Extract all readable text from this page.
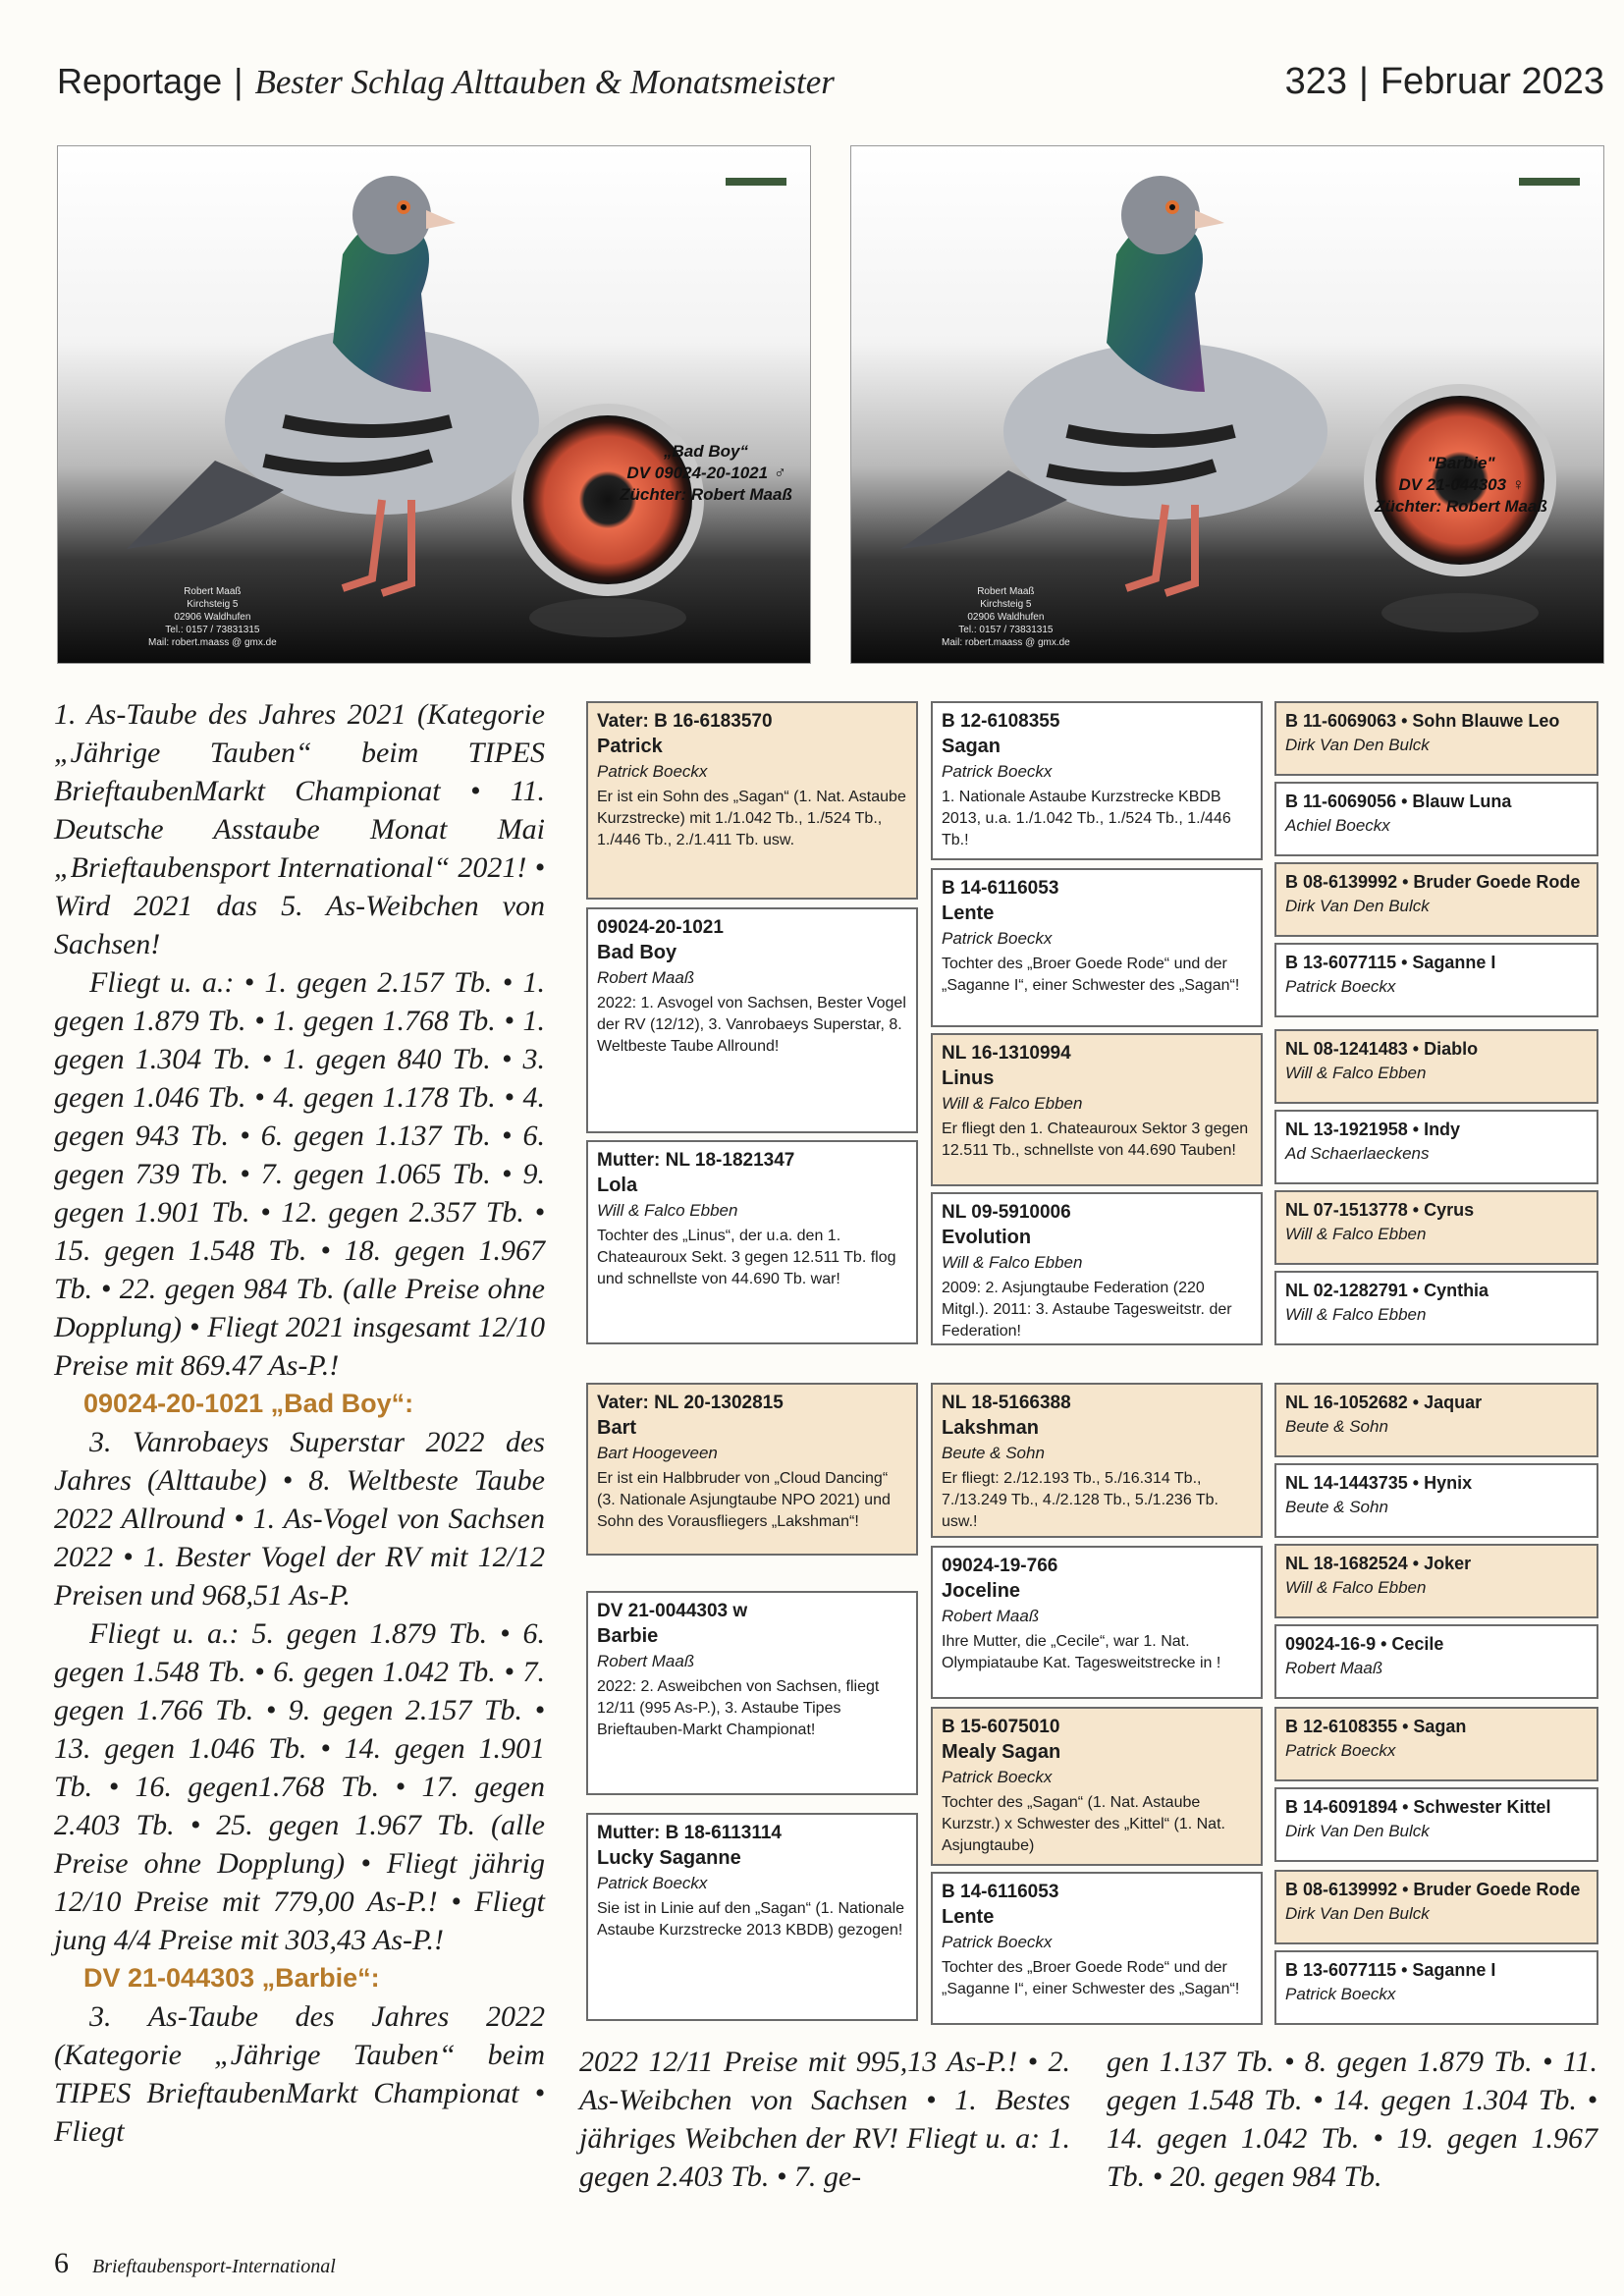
Reportage | Bester Schlag Alttauben & Monatsmeister	323 | Februar 2023
„Bad Boy“
DV 09024-20-1021 ♂
Züchter: Robert Maaß
Robert Maaß
Kirchsteig 5
02906 Waldhufen
Tel.: 0157 / 73831315
Mail: robert.maass @ gmx.de
"Barbie"
DV 21-044303 ♀
Züchter: Robert Maaß
Robert Maaß
Kirchsteig 5
02906 Waldhufen
Tel.: 0157 / 73831315
Mail: robert.maass @ gmx.de

1. As-Taube des Jahres 2021 (Kategorie „Jährige Tauben“ beim TIPES BrieftaubenMarkt Championat • 11. Deutsche Asstaube Monat Mai „Brieftaubensport International“ 2021! • Wird 2021 das 5. As-Weibchen von Sachsen!

Fliegt u. a.: • 1. gegen 2.157 Tb. • 1. gegen 1.879 Tb. • 1. gegen 1.768 Tb. • 1. gegen 1.304 Tb. • 1. gegen 840 Tb. • 3. gegen 1.046 Tb. • 4. gegen 1.178 Tb. • 4. gegen 943 Tb. • 6. gegen 1.137 Tb. • 6. gegen 739 Tb. • 7. gegen 1.065 Tb. • 9. gegen 1.901 Tb. • 12. gegen 2.357 Tb. • 15. gegen 1.548 Tb. • 18. gegen 1.967 Tb. • 22. gegen 984 Tb. (alle Preise ohne Dopplung) • Fliegt 2021 insgesamt 12/10 Preise mit 869.47 As-P.!

09024-20-1021 „Bad Boy“:

3. Vanrobaeys Superstar 2022 des Jahres (Alttaube) • 8. Weltbeste Taube 2022 Allround • 1. As-Vogel von Sachsen 2022 • 1. Bester Vogel der RV mit 12/12 Preisen und 968,51 As-P.

Fliegt u. a.: 5. gegen 1.879 Tb. • 6. gegen 1.548 Tb. • 6. gegen 1.042 Tb. • 7. gegen 1.766 Tb. • 9. gegen 2.157 Tb. • 13. gegen 1.046 Tb. • 14. gegen 1.901 Tb. • 16. gegen1.768 Tb. • 17. gegen 2.403 Tb. • 25. gegen 1.967 Tb. (alle Preise ohne Dopplung) • Fliegt jährig 12/10 Preise mit 779,00 As-P.! • Fliegt jung 4/4 Preise mit 303,43 As-P.!

DV 21-044303 „Barbie“:

3. As-Taube des Jahres 2022 (Kategorie „Jährige Tauben“ beim TIPES BrieftaubenMarkt Championat • Fliegt

Vater: B 16-6183570
Patrick
Patrick Boeckx
Er ist ein Sohn des „Sagan“ (1. Nat. Astaube Kurzstrecke) mit 1./1.042 Tb., 1./524 Tb., 1./446 Tb., 2./1.411 Tb. usw.
09024-20-1021
Bad Boy
Robert Maaß
2022: 1. Asvogel von Sachsen, Bester Vogel der RV (12/12), 3. Vanrobaeys Superstar, 8. Weltbeste Taube Allround!
Mutter: NL 18-1821347
Lola
Will & Falco Ebben
Tochter des „Linus“, der u.a. den 1. Chateauroux Sekt. 3 gegen 12.511 Tb. flog und schnellste von 44.690 Tb. war!
B 12-6108355
Sagan
Patrick Boeckx
1. Nationale Astaube Kurzstrecke KBDB 2013, u.a. 1./1.042 Tb., 1./524 Tb., 1./446 Tb.!
B 14-6116053
Lente
Patrick Boeckx
Tochter des „Broer Goede Rode“ und der „Saganne I“, einer Schwester des „Sagan“!
NL 16-1310994
Linus
Will & Falco Ebben
Er fliegt den 1. Chateauroux Sektor 3 gegen 12.511 Tb., schnellste von 44.690 Tauben!
NL 09-5910006
Evolution
Will & Falco Ebben
2009: 2. Asjungtaube Federation (220 Mitgl.). 2011: 3. Astaube Tagesweitstr. der Federation!
B 11-6069063 • Sohn Blauwe Leo
Dirk Van Den Bulck
B 11-6069056 • Blauw Luna
Achiel Boeckx
B 08-6139992 • Bruder Goede Rode
Dirk Van Den Bulck
B 13-6077115 • Saganne I
Patrick Boeckx
NL 08-1241483 • Diablo
Will & Falco Ebben
NL 13-1921958 • Indy
Ad Schaerlaeckens
NL 07-1513778 • Cyrus
Will & Falco Ebben
NL 02-1282791 • Cynthia
Will & Falco Ebben
Vater: NL 20-1302815
Bart
Bart Hoogeveen
Er ist ein Halbbruder von „Cloud Dancing“ (3. Nationale Asjungtaube NPO 2021) und Sohn des Vorausfliegers „Lakshman“!
DV 21-0044303 w
Barbie
Robert Maaß
2022: 2. Asweibchen von Sachsen, fliegt 12/11 (995 As-P.), 3. Astaube Tipes Brieftauben-Markt Championat!
Mutter: B 18-6113114
Lucky Saganne
Patrick Boeckx
Sie ist in Linie auf den „Sagan“ (1. Nationale Astaube Kurzstrecke 2013 KBDB) gezogen!
NL 18-5166388
Lakshman
Beute & Sohn
Er fliegt: 2./12.193 Tb., 5./16.314 Tb., 7./13.249 Tb., 4./2.128 Tb., 5./1.236 Tb. usw.!
09024-19-766
Joceline
Robert Maaß
Ihre Mutter, die „Cecile“, war 1. Nat. Olympiataube Kat. Tagesweitstrecke in !
B 15-6075010
Mealy Sagan
Patrick Boeckx
Tochter des „Sagan“ (1. Nat. Astaube Kurzstr.) x Schwester des „Kittel“ (1. Nat. Asjungtaube)
B 14-6116053
Lente
Patrick Boeckx
Tochter des „Broer Goede Rode“ und der „Saganne I“, einer Schwester des „Sagan“!
NL 16-1052682 • Jaquar
Beute & Sohn
NL 14-1443735 • Hynix
Beute & Sohn
NL 18-1682524 • Joker
Will & Falco Ebben
09024-16-9 • Cecile
Robert Maaß
B 12-6108355 • Sagan
Patrick Boeckx
B 14-6091894 • Schwester Kittel
Dirk Van Den Bulck
B 08-6139992 • Bruder Goede Rode
Dirk Van Den Bulck
B 13-6077115 • Saganne I
Patrick Boeckx

2022 12/11 Preise mit 995,13 As-P.! • 2. As-Weibchen von Sachsen • 1. Bestes jähriges Weibchen der RV! Fliegt u. a: 1. gegen 2.403 Tb. • 7. ge-

gen 1.137 Tb. • 8. gegen 1.879 Tb. • 11. gegen 1.548 Tb. • 14. gegen 1.304 Tb. • 14. gegen 1.042 Tb. • 19. gegen 1.967 Tb. • 20. gegen 984 Tb.

6 Brieftaubensport-International
